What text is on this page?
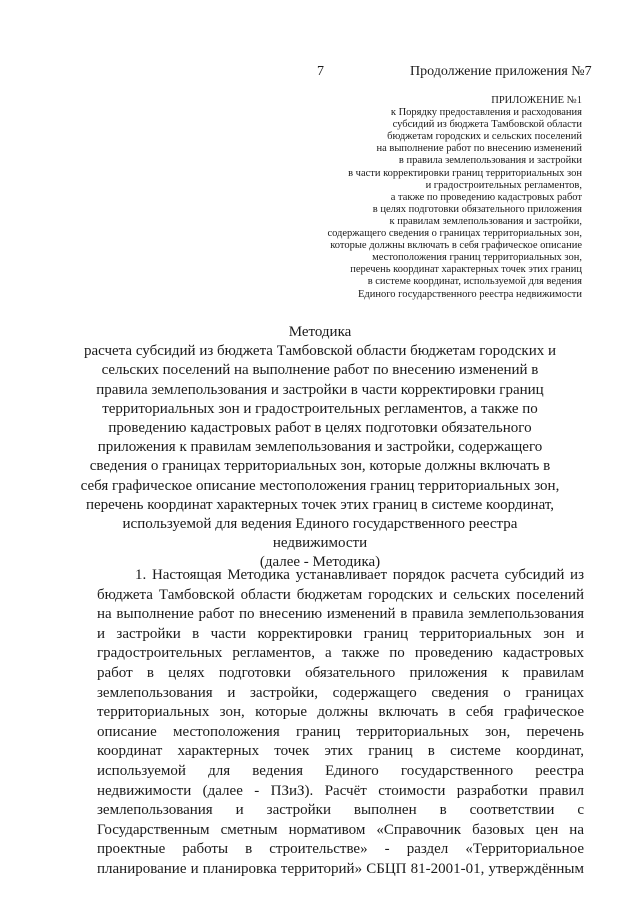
7	Продолжение приложения №7
ПРИЛОЖЕНИЕ №1
к Порядку предоставления и расходования
субсидий из бюджета Тамбовской области
бюджетам городских и сельских поселений
на выполнение работ по внесению изменений
в правила землепользования и застройки
в части корректировки границ территориальных зон
и градостроительных регламентов,
а также по проведению кадастровых работ
в целях подготовки обязательного приложения
к правилам землепользования и застройки,
содержащего сведения о границах территориальных зон,
которые должны включать в себя графическое описание
местоположения границ территориальных зон,
перечень координат характерных точек этих границ
в системе координат, используемой для ведения
Единого государственного реестра недвижимости
Методика
расчета субсидий из бюджета Тамбовской области бюджетам городских и
сельских поселений на выполнение работ по внесению изменений в
правила землепользования и застройки в части корректировки границ
территориальных зон и градостроительных регламентов, а также по
проведению кадастровых работ в целях подготовки обязательного
приложения к правилам землепользования и застройки, содержащего
сведения о границах территориальных зон, которые должны включать в
себя графическое описание местоположения границ территориальных зон,
перечень координат характерных точек этих границ в системе координат,
используемой для ведения Единого государственного реестра
недвижимости
(далее - Методика)
1. Настоящая Методика устанавливает порядок расчета субсидий из
бюджета Тамбовской области бюджетам городских и сельских поселений
на выполнение работ по внесению изменений в правила землепользования
и застройки в части корректировки границ территориальных зон и
градостроительных регламентов, а также по проведению кадастровых
работ в целях подготовки обязательного приложения к правилам
землепользования и застройки, содержащего сведения о границах
территориальных зон, которые должны включать в себя графическое
описание местоположения границ территориальных зон, перечень
координат характерных точек этих границ в системе координат,
используемой для ведения Единого государственного реестра
недвижимости (далее - ПЗиЗ). Расчёт стоимости разработки правил
землепользования и застройки выполнен в соответствии с
Государственным сметным нормативом «Справочник базовых цен на
проектные работы в строительстве» - раздел «Территориальное
планирование и планировка территорий» СБЦП 81-2001-01, утверждённым
